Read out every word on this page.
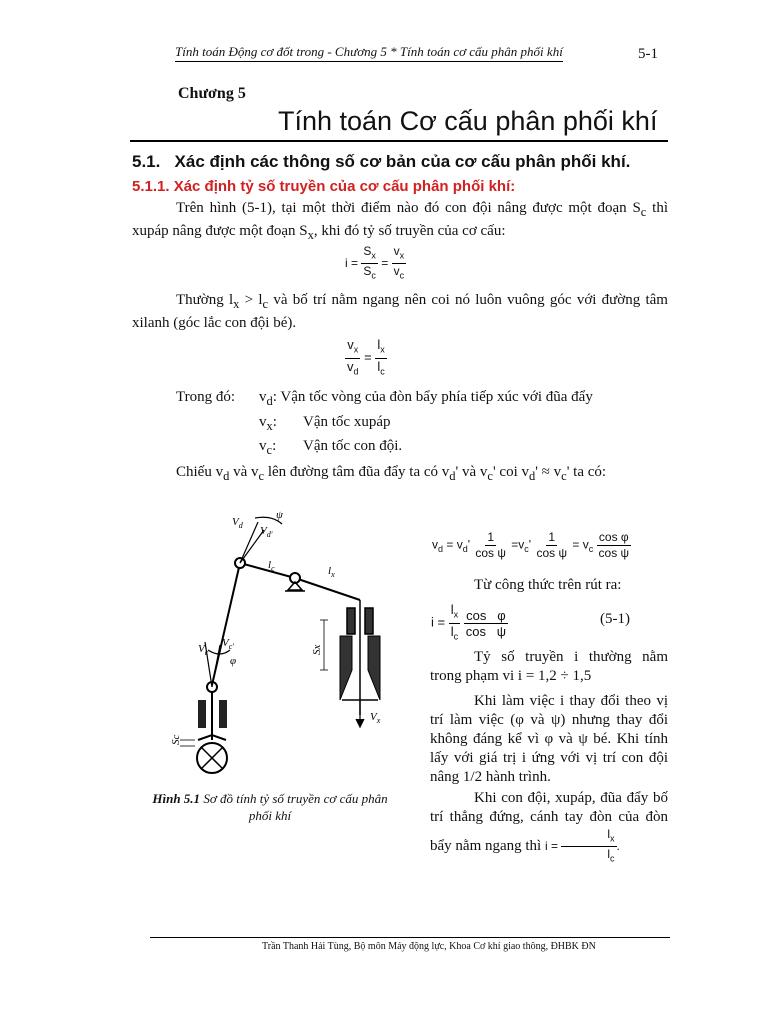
Tính toán Động cơ đốt trong - Chương 5 * Tính toán cơ cấu phân phối khí	5-1
Chương 5
Tính toán Cơ cấu phân phối khí
5.1.   Xác định các thông số cơ bản của cơ cấu phân phối khí.
5.1.1. Xác định tỷ số truyền của cơ cấu phân phối khí:
Trên hình (5-1), tại một thời điểm nào đó con đội nâng được một đoạn $S_c$ thì xupáp nâng được một đoạn $S_x$, khi đó tỷ số truyền của cơ cấu:
$i = \frac{S_x}{S_c} = \frac{v_x}{v_c}$
Thường $l_x > l_c$ và bố trí nằm ngang nên coi nó luôn vuông góc với đường tâm xilanh (góc lắc con đội bé).
$\frac{v_x}{v_d} = \frac{l_x}{l_c}$
Trong đó: $v_d$: Vận tốc vòng của đòn bẩy phía tiếp xúc với đũa đẩy
$v_x$: Vận tốc xupáp
$v_c$: Vận tốc con đội.
Chiếu $v_d$ và $v_c$ lên đường tâm đũa đẩy ta có $v_d'$ và $v_c'$ coi $v_d' \approx v_c'$ ta có:
$V_d$ $V_{d'}$
ψ
$l_c$	$l_x$
Sx
$V_c$
$V_{c'}$
φ
$V_x$
Sc
Hình 5.1 Sơ đồ tính tỷ số truyền cơ cấu phân phối khí
$v_d = v_d' \frac{1}{\text{cos ψ}} =v_c' \frac{1}{\text{cos ψ}} = v_c \frac{\text{cos φ}}{\text{cos ψ}}$
Từ công thức trên rút ra:
$i = \frac{l_x}{l_c}$
$\frac{\text{cos   φ}}{\text{cos   ψ}}$	(5-1)
Tỷ số truyền i thường nằm trong phạm vi i = 1,2 ÷ 1,5
Khi làm việc i thay đổi theo vị trí làm việc (φ và ψ) nhưng thay đổi không đáng kể vì φ và ψ bé. Khi tính lấy với giá trị i ứng với vị trí con đội nâng 1/2 hành trình.
Khi con đội, xupáp, đũa đẩy bố trí thẳng đứng, cánh tay đòn của đòn bẩy nằm ngang thì $i = \frac{l_x}{l_c}$ .
Trần Thanh Hải Tùng, Bộ môn Máy động lực, Khoa Cơ khí giao thông, ĐHBK ĐN
